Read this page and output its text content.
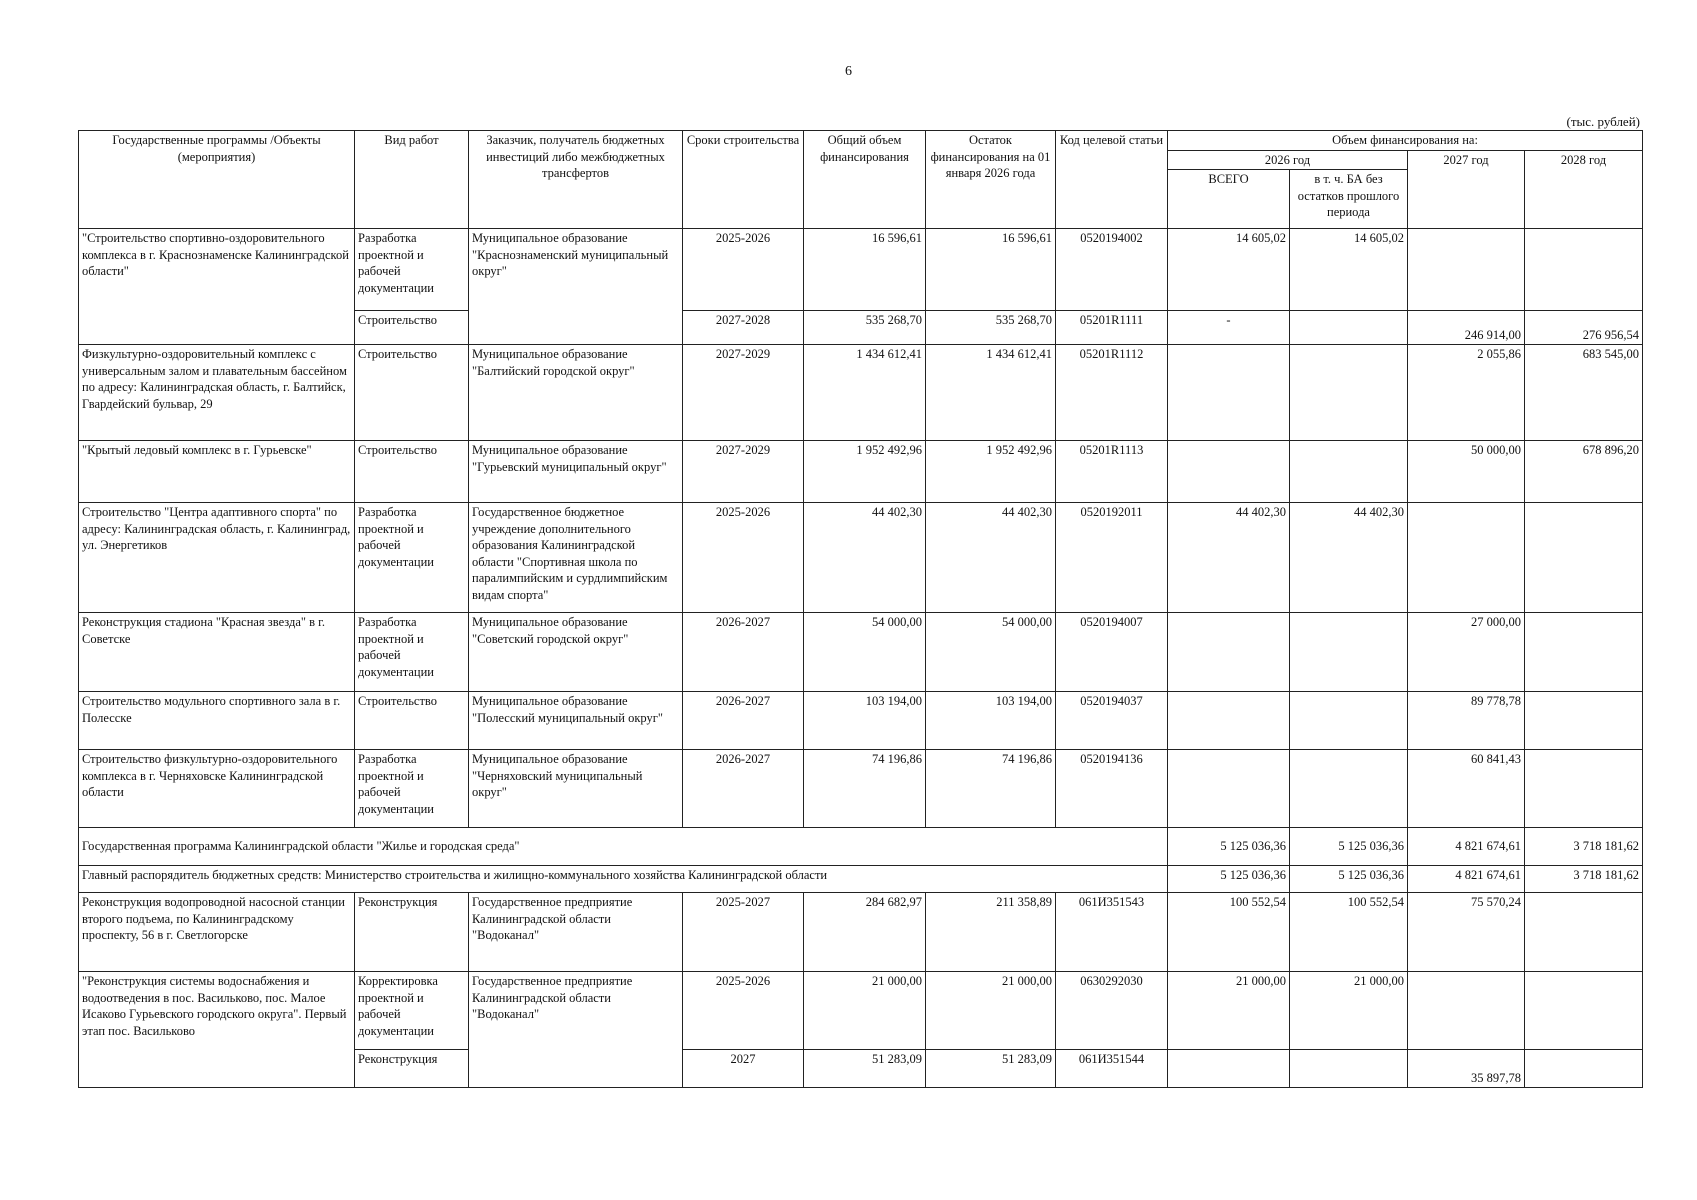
6
(тыс. рублей)
Государственные программы /Объекты (мероприятия)	Вид работ	Заказчик, получатель бюджетных инвестиций либо межбюджетных трансфертов	Сроки строительства	Общий объем финансирования	Остаток финансирования на 01 января 2026 года	Код целевой статьи	Объем финансирования на:			
							2026 год		2027 год	2028 год
							ВСЕГО	в т. ч. БА без остатков прошлого периода		
"Строительство спортивно-оздоровительного комплекса в г. Краснознаменске Калининградской области"	Разработка проектной и рабочей документации	Муниципальное образование "Краснознаменский муниципальный округ"	2025-2026	16 596,61	16 596,61	0520194002	14 605,02	14 605,02		
	Строительство		2027-2028	535 268,70	535 268,70	05201R1111	-		246 914,00	276 956,54
Физкультурно-оздоровительный комплекс с универсальным залом и плавательным бассейном по адресу: Калининградская область, г. Балтийск, Гвардейский бульвар, 29	Строительство	Муниципальное образование "Балтийский городской округ"	2027-2029	1 434 612,41	1 434 612,41	05201R1112			2 055,86	683 545,00
"Крытый ледовый комплекс в г. Гурьевске"	Строительство	Муниципальное образование "Гурьевский муниципальный округ"	2027-2029	1 952 492,96	1 952 492,96	05201R1113			50 000,00	678 896,20
Строительство "Центра адаптивного спорта" по адресу: Калининградская область, г. Калининград, ул. Энергетиков	Разработка проектной и рабочей документации	Государственное бюджетное учреждение дополнительного образования Калининградской области "Спортивная школа по паралимпийским и сурдлимпийским видам спорта"	2025-2026	44 402,30	44 402,30	0520192011	44 402,30	44 402,30		
Реконструкция стадиона "Красная звезда" в г. Советске	Разработка проектной и рабочей документации	Муниципальное образование "Советский городской округ"	2026-2027	54 000,00	54 000,00	0520194007			27 000,00	
Строительство модульного спортивного зала в г. Полесске	Строительство	Муниципальное образование "Полесский муниципальный округ"	2026-2027	103 194,00	103 194,00	0520194037			89 778,78	
Строительство физкультурно-оздоровительного комплекса в г. Черняховске Калининградской области	Разработка проектной и рабочей документации	Муниципальное образование "Черняховский муниципальный округ"	2026-2027	74 196,86	74 196,86	0520194136			60 841,43	
Государственная программа Калининградской области "Жилье и городская среда"							5 125 036,36	5 125 036,36	4 821 674,61	3 718 181,62
Главный распорядитель бюджетных средств: Министерство строительства и жилищно-коммунального хозяйства Калининградской области							5 125 036,36	5 125 036,36	4 821 674,61	3 718 181,62
Реконструкция водопроводной насосной станции второго подъема, по Калининградскому проспекту, 56 в г. Светлогорске	Реконструкция	Государственное предприятие Калининградской области "Водоканал"	2025-2027	284 682,97	211 358,89	061И351543	100 552,54	100 552,54	75 570,24	
"Реконструкция системы водоснабжения и водоотведения в пос. Васильково, пос. Малое Исаково Гурьевского городского округа". Первый этап пос. Васильково	Корректировка проектной и рабочей документации	Государственное предприятие Калининградской области "Водоканал"	2025-2026	21 000,00	21 000,00	0630292030	21 000,00	21 000,00		
	Реконструкция		2027	51 283,09	51 283,09	061И351544			35 897,78	
